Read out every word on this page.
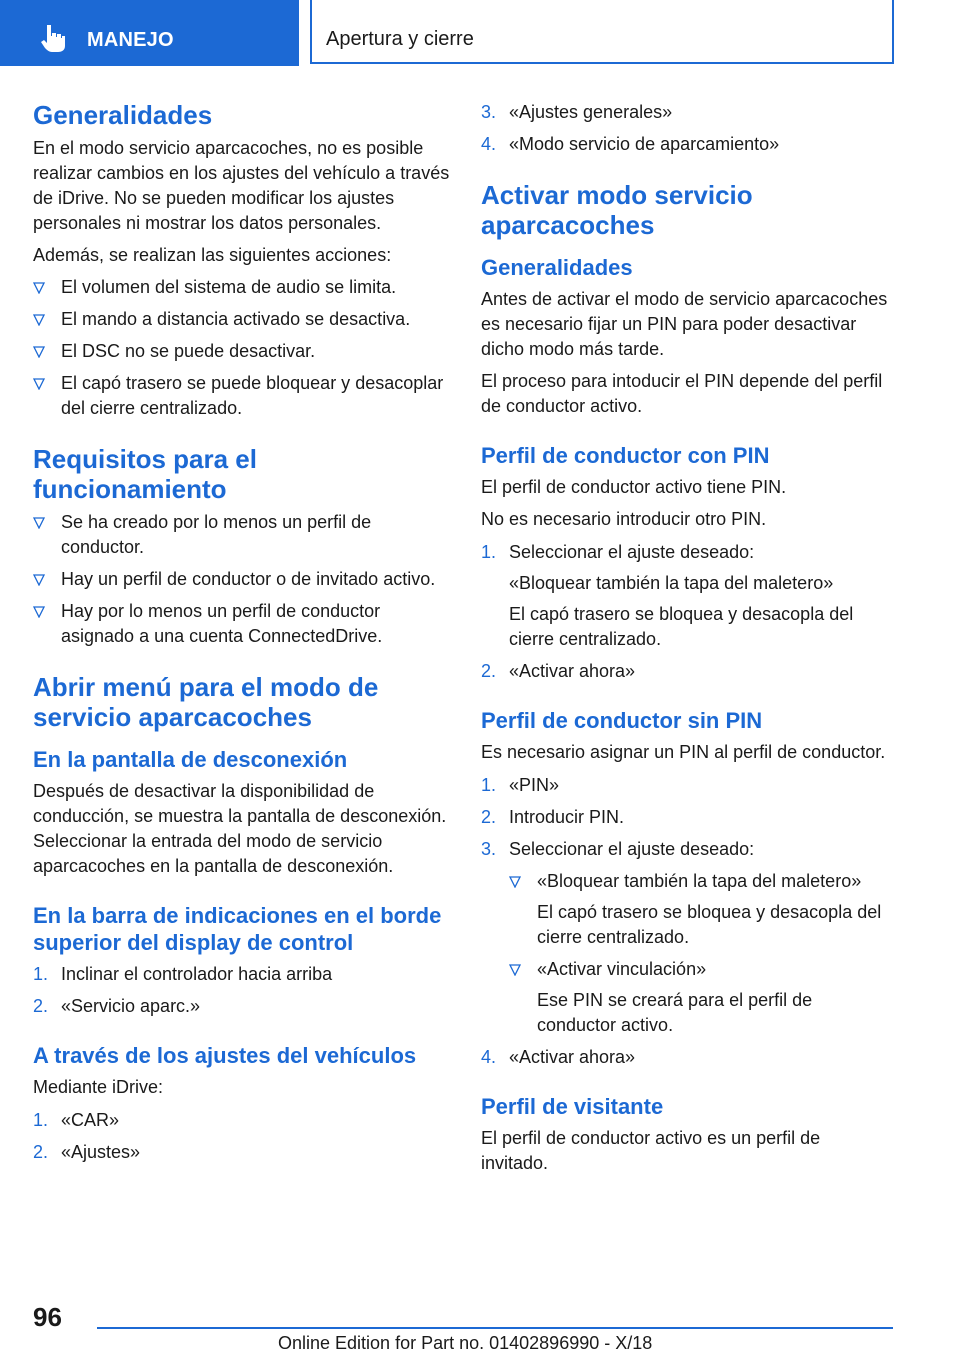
MANEJO	Apertura y cierre
Generalidades

En el modo servicio aparcacoches, no es posible realizar cambios en los ajustes del vehículo a través de iDrive. No se pueden modificar los ajustes personales ni mostrar los datos personales.

Además, se realizan las siguientes acciones:

El volumen del sistema de audio se limita.
El mando a distancia activado se desactiva.
El DSC no se puede desactivar.
El capó trasero se puede bloquear y desacoplar del cierre centralizado.
Requisitos para el funcionamiento
Se ha creado por lo menos un perfil de conductor.
Hay un perfil de conductor o de invitado activo.
Hay por lo menos un perfil de conductor asignado a una cuenta ConnectedDrive.
Abrir menú para el modo de servicio aparcacoches
En la pantalla de desconexión

Después de desactivar la disponibilidad de conducción, se muestra la pantalla de desconexión. Seleccionar la entrada del modo de servicio aparcacoches en la pantalla de desconexión.

En la barra de indicaciones en el borde superior del display de control
1. Inclinar el controlador hacia arriba
2. «Servicio aparc.»
A través de los ajustes del vehículos

Mediante iDrive:

1. «CAR»
2. «Ajustes»
3. «Ajustes generales»
4. «Modo servicio de aparcamiento»
Activar modo servicio aparcacoches
Generalidades

Antes de activar el modo de servicio aparcacoches es necesario fijar un PIN para poder desactivar dicho modo más tarde.

El proceso para intoducir el PIN depende del perfil de conductor activo.

Perfil de conductor con PIN

El perfil de conductor activo tiene PIN.

No es necesario introducir otro PIN.

1. Seleccionar el ajuste deseado:

«Bloquear también la tapa del maletero»

El capó trasero se bloquea y desacopla del cierre centralizado.

2. «Activar ahora»
Perfil de conductor sin PIN

Es necesario asignar un PIN al perfil de conductor.

1. «PIN»
2. Introducir PIN.
3. Seleccionar el ajuste deseado:
«Bloquear también la tapa del maletero»

El capó trasero se bloquea y desacopla del cierre centralizado.

«Activar vinculación»

Ese PIN se creará para el perfil de conductor activo.

4. «Activar ahora»
Perfil de visitante

El perfil de conductor activo es un perfil de invitado.

96
Online Edition for Part no. 01402896990 - X/18
